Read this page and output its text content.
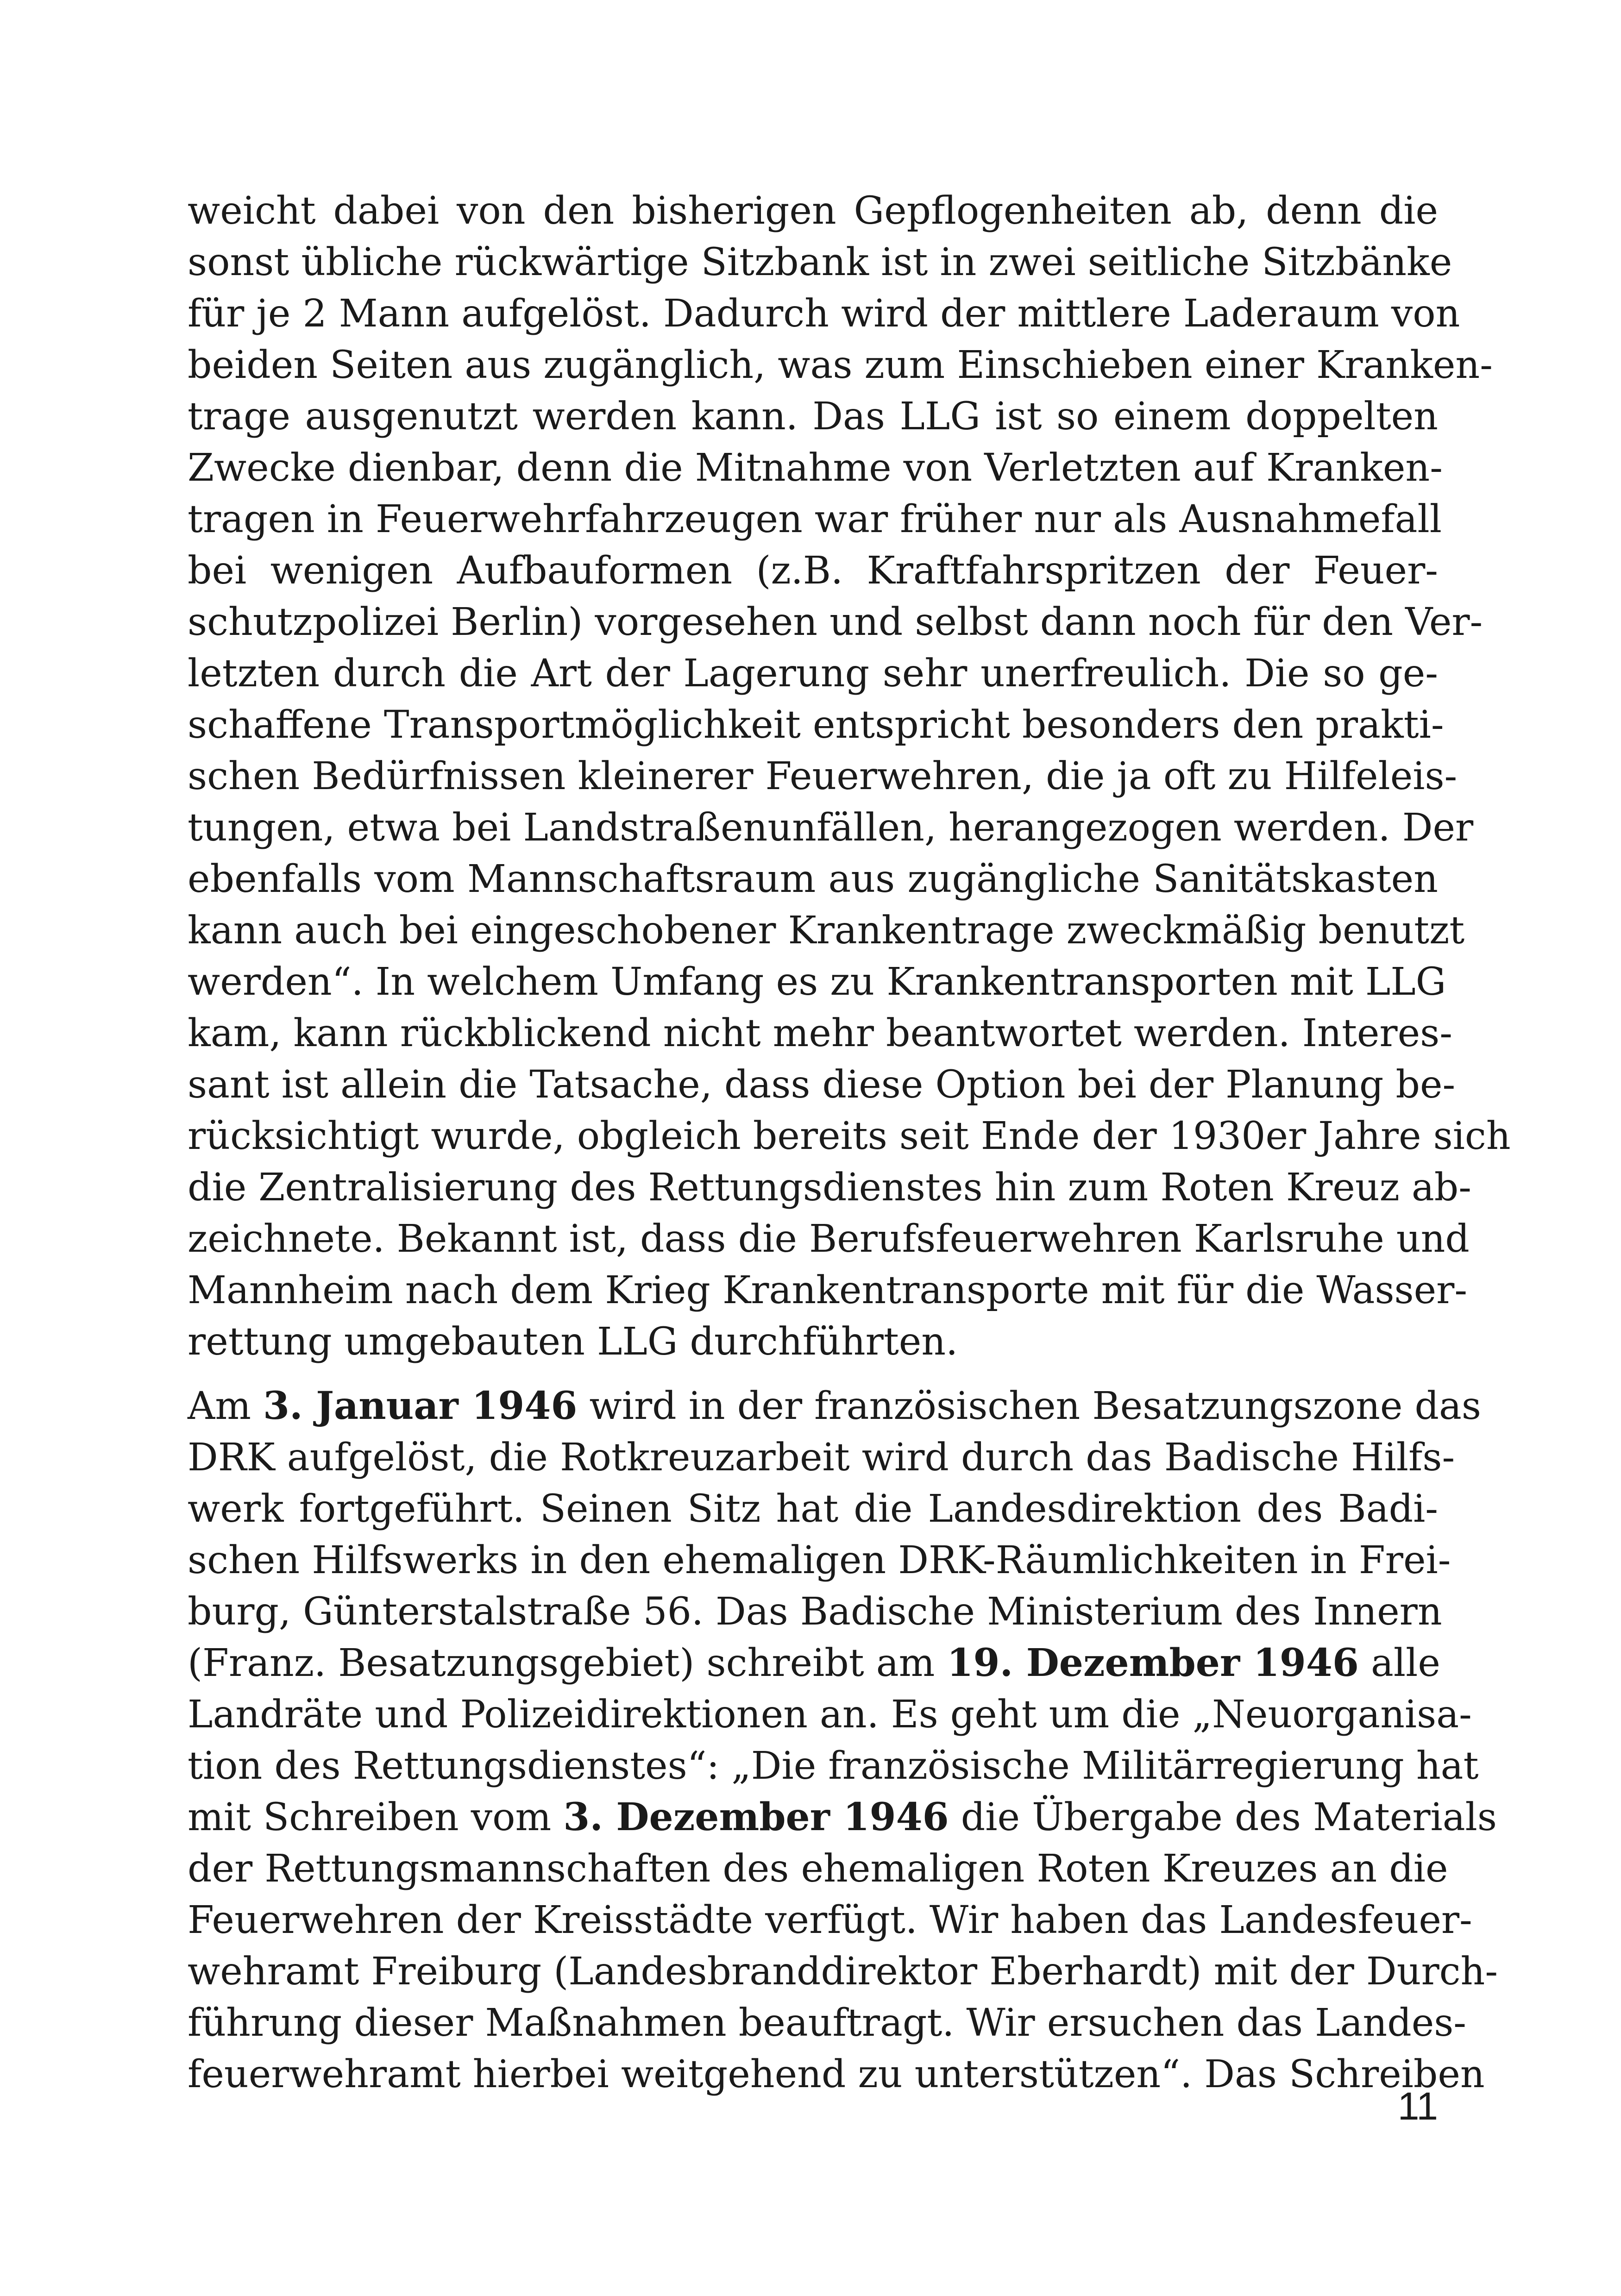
weicht dabei von den bisherigen Gepflogenheiten ab, denn die
sonst übliche rückwärtige Sitzbank ist in zwei seitliche Sitzbänke
für je 2 Mann aufgelöst. Dadurch wird der mittlere Laderaum von
beiden Seiten aus zugänglich, was zum Einschieben einer Kranken-
trage ausgenutzt werden kann. Das LLG ist so einem doppelten
Zwecke dienbar, denn die Mitnahme von Verletzten auf Kranken-
tragen in Feuerwehrfahrzeugen war früher nur als Ausnahmefall
bei wenigen Aufbauformen (z.B. Kraftfahrspritzen der Feuer-
schutzpolizei Berlin) vorgesehen und selbst dann noch für den Ver-
letzten durch die Art der Lagerung sehr unerfreulich. Die so ge-
schaffene Transportmöglichkeit entspricht besonders den prakti-
schen Bedürfnissen kleinerer Feuerwehren, die ja oft zu Hilfeleis-
tungen, etwa bei Landstraßenunfällen, herangezogen werden. Der
ebenfalls vom Mannschaftsraum aus zugängliche Sanitätskasten
kann auch bei eingeschobener Krankentrage zweckmäßig benutzt
werden“. In welchem Umfang es zu Krankentransporten mit LLG
kam, kann rückblickend nicht mehr beantwortet werden. Interes-
sant ist allein die Tatsache, dass diese Option bei der Planung be-
rücksichtigt wurde, obgleich bereits seit Ende der 1930er Jahre sich
die Zentralisierung des Rettungsdienstes hin zum Roten Kreuz ab-
zeichnete. Bekannt ist, dass die Berufsfeuerwehren Karlsruhe und
Mannheim nach dem Krieg Krankentransporte mit für die Wasser-
rettung umgebauten LLG durchführten.
Am 3. Januar 1946 wird in der französischen Besatzungszone das
DRK aufgelöst, die Rotkreuzarbeit wird durch das Badische Hilfs-
werk fortgeführt. Seinen Sitz hat die Landesdirektion des Badi-
schen Hilfswerks in den ehemaligen DRK-Räumlichkeiten in Frei-
burg, Günterstalstraße 56. Das Badische Ministerium des Innern
(Franz. Besatzungsgebiet) schreibt am 19. Dezember 1946 alle
Landräte und Polizeidirektionen an. Es geht um die „Neuorganisa-
tion des Rettungsdienstes“: „Die französische Militärregierung hat
mit Schreiben vom 3. Dezember 1946 die Übergabe des Materials
der Rettungsmannschaften des ehemaligen Roten Kreuzes an die
Feuerwehren der Kreisstädte verfügt. Wir haben das Landesfeuer-
wehramt Freiburg (Landesbranddirektor Eberhardt) mit der Durch-
führung dieser Maßnahmen beauftragt. Wir ersuchen das Landes-
feuerwehramt hierbei weitgehend zu unterstützen“. Das Schreiben
11
